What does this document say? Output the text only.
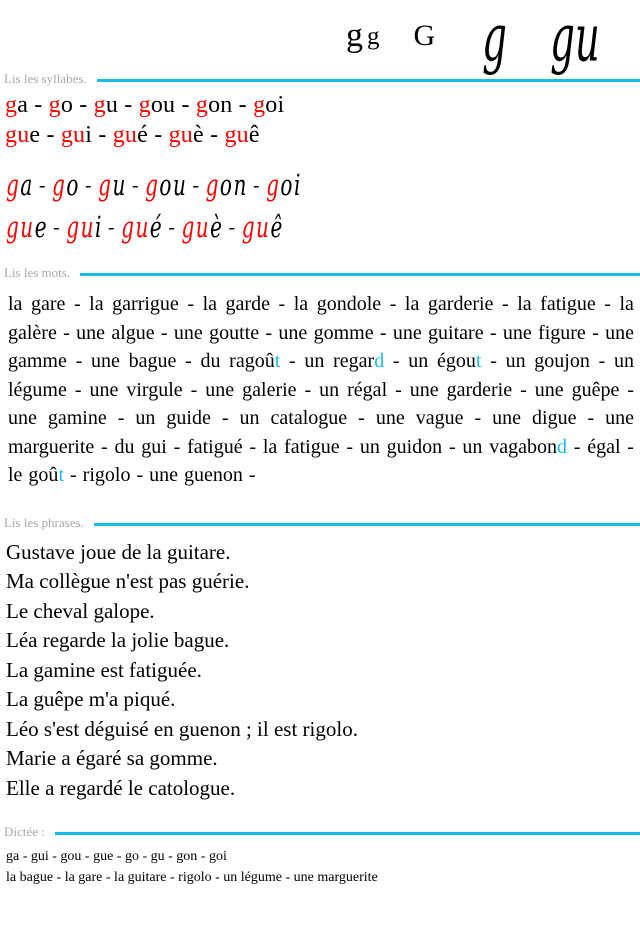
g g G g gu
Lis les syllabes.
ga - go - gu - gou - gon - goi
gue - gui - gué - guè - guê
ga - go - gu - gou - gon - goi
gue - gui - gué - guè - guê
Lis les mots.
la gare - la garrigue - la garde - la gondole - la garderie - la fatigue - la galère - une algue - une goutte - une gomme - une guitare - une figure - une gamme - une bague - du ragoût - un regard - un égout - un goujon - un légume - une virgule - une galerie - un régal - une garderie - une guêpe - une gamine - un guide - un catalogue - une vague - une digue - une marguerite - du gui - fatigué - la fatigue - un guidon - un vagabond - égal - le goût - rigolo - une guenon -
Lis les phrases.
Gustave joue de la guitare.
Ma collègue n'est pas guérie.
Le cheval galope.
Léa regarde la jolie bague.
La gamine est fatiguée.
La guêpe m'a piqué.
Léo s'est déguisé en guenon ; il est rigolo.
Marie a égaré sa gomme.
Elle a regardé le catologue.
Dictée :
ga - gui - gou - gue - go - gu - gon - goi
la bague - la gare - la guitare - rigolo - un légume - une marguerite
